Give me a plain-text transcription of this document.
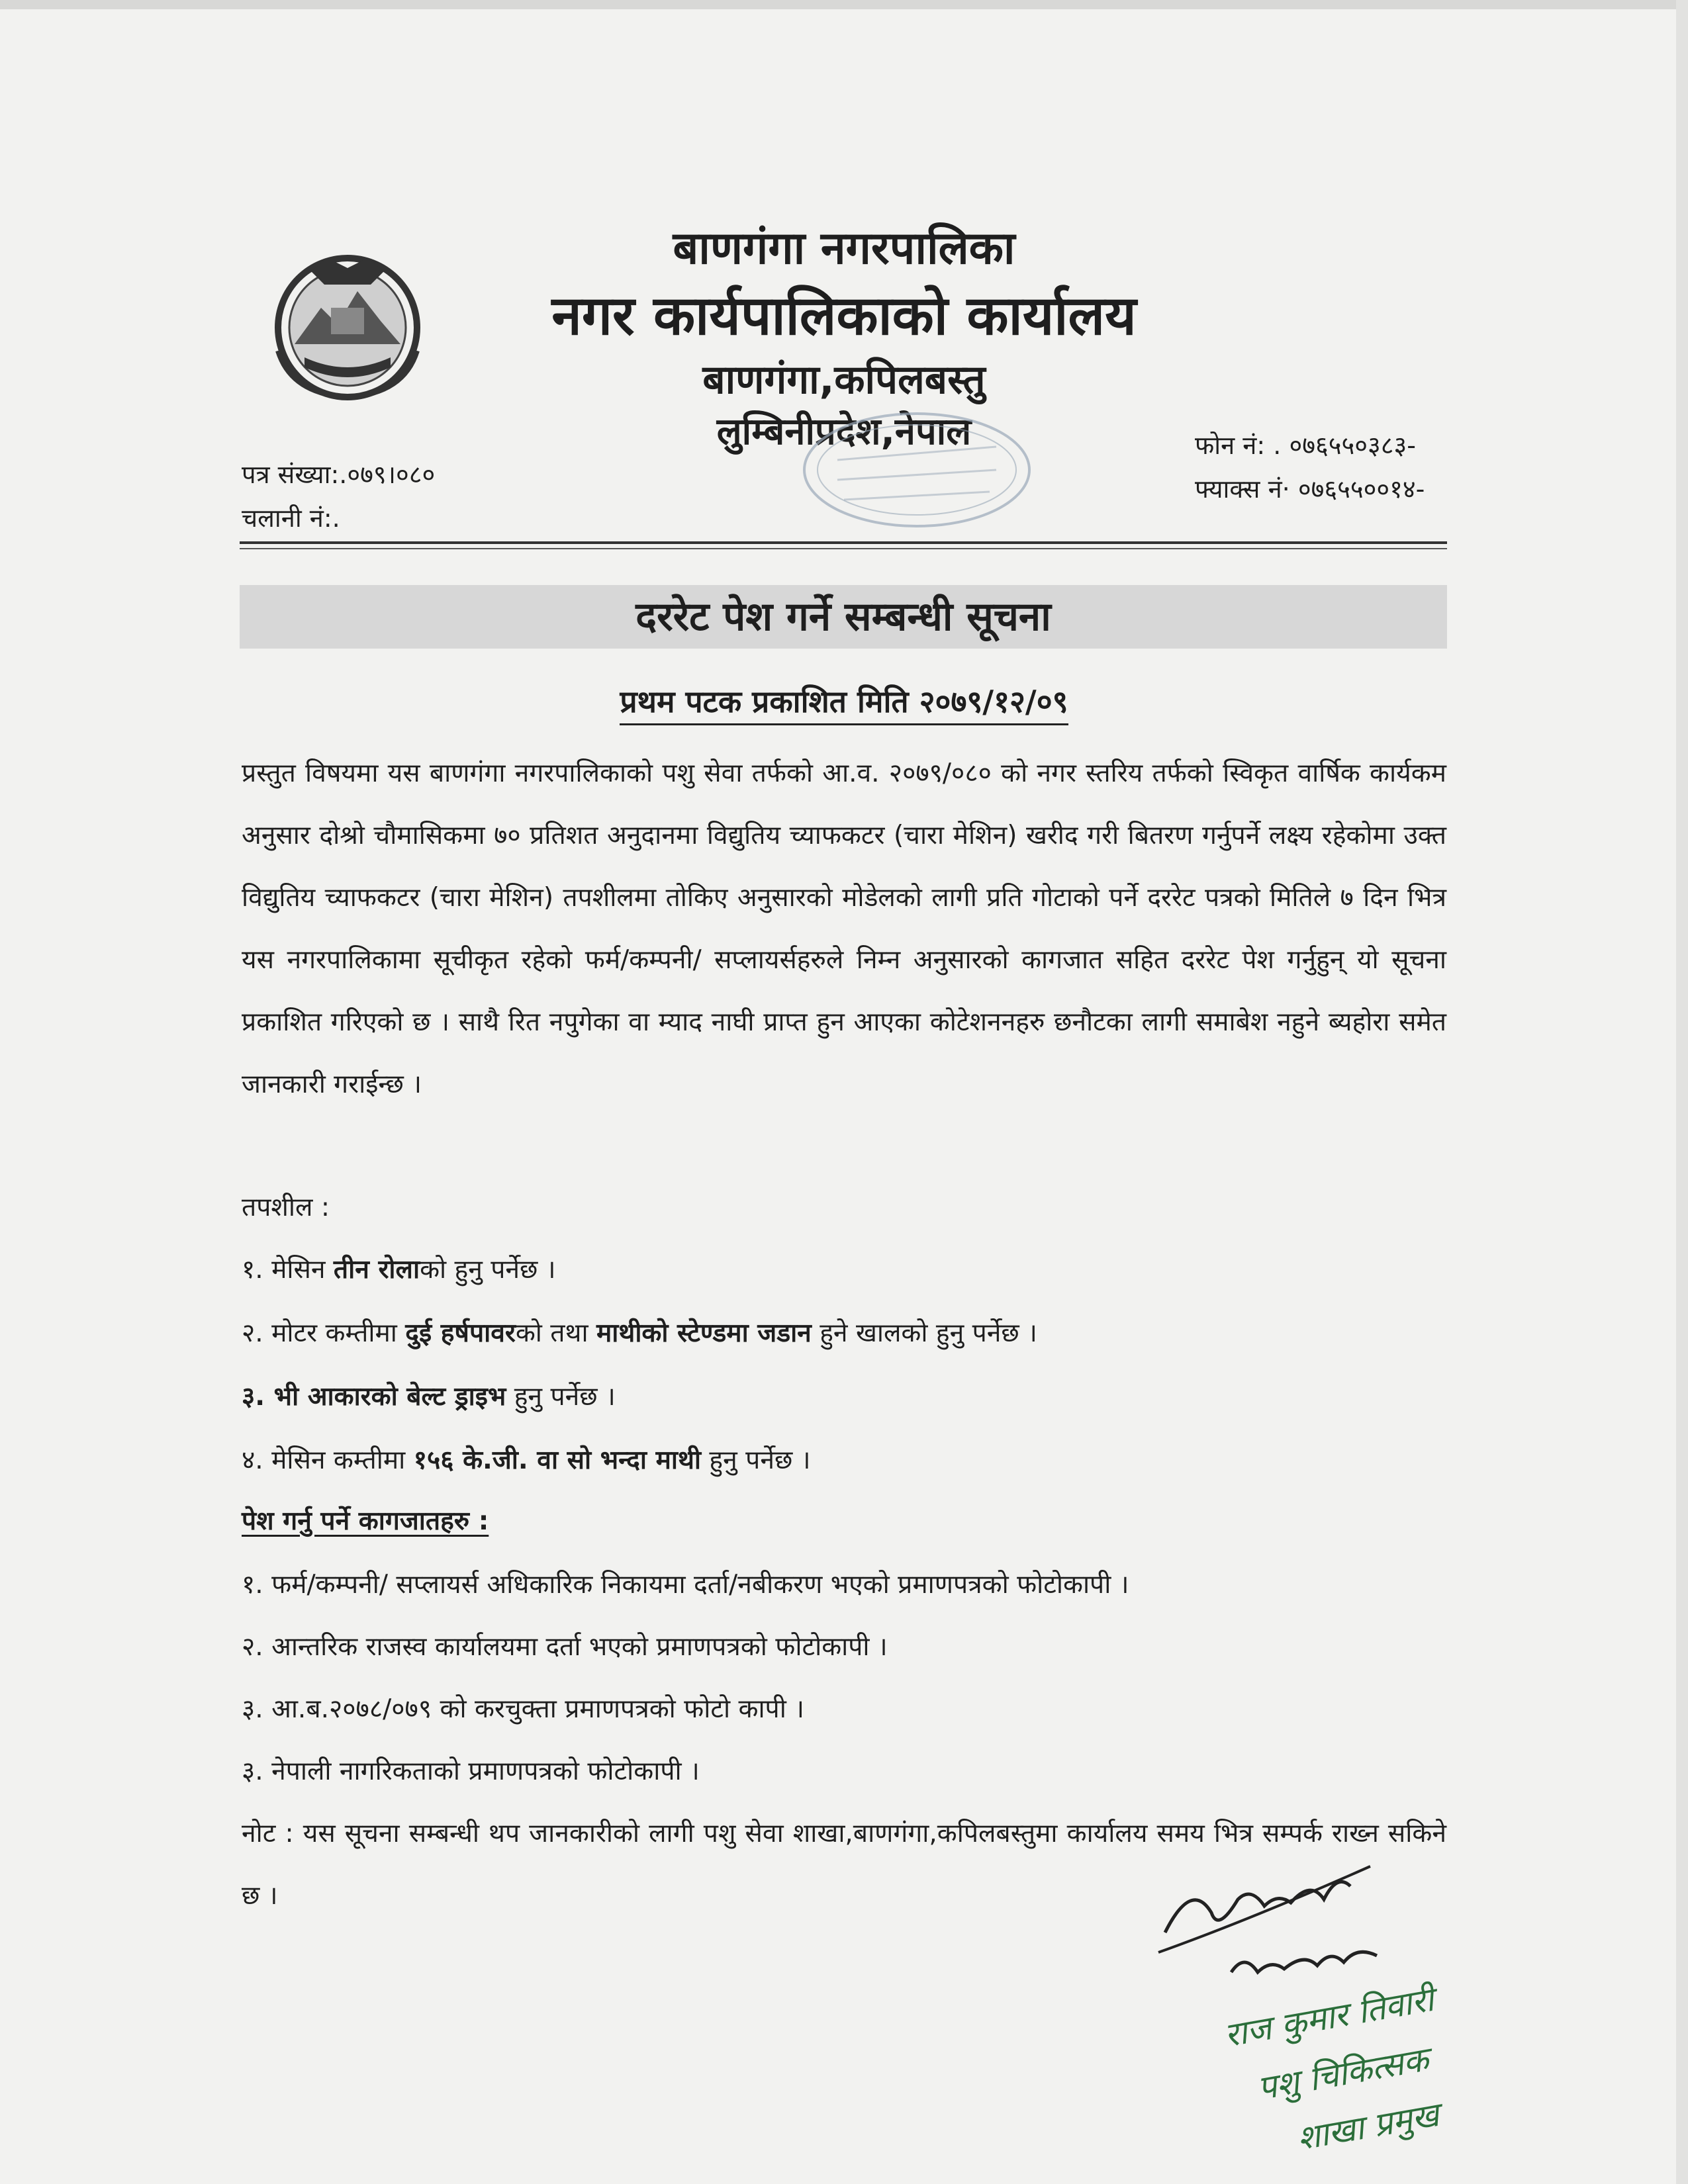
बाणगंगा नगरपालिका
नगर कार्यपालिकाको कार्यालय
बाणगंगा,कपिलबस्तु
लुम्बिनीप्रदेश,नेपाल
पत्र संख्या:.०७९।०८०
चलानी नं:.
फोन नं: . ०७६५५०३८३-
फ्याक्स नं· ०७६५५००१४-
दररेट पेश गर्ने सम्बन्धी सूचना
प्रथम पटक प्रकाशित मिति २०७९/१२/०९
प्रस्तुत विषयमा यस बाणगंगा नगरपालिकाको पशु सेवा तर्फको आ.व. २०७९/०८० को नगर स्तरिय तर्फको स्विकृत वार्षिक कार्यकम अनुसार दोश्रो चौमासिकमा ७० प्रतिशत अनुदानमा विद्युतिय च्याफकटर (चारा मेशिन) खरीद गरी बितरण गर्नुपर्ने लक्ष्य रहेकोमा उक्त विद्युतिय च्याफकटर (चारा मेशिन) तपशीलमा तोकिए अनुसारको मोडेलको लागी प्रति गोटाको पर्ने दररेट पत्रको मितिले ७ दिन भित्र यस नगरपालिकामा सूचीकृत रहेको फर्म/कम्पनी/ सप्लायर्सहरुले निम्न अनुसारको कागजात सहित दररेट पेश गर्नुहुन् यो सूचना प्रकाशित गरिएको छ । साथै रित नपुगेका वा म्याद नाघी प्राप्त हुन आएका कोटेशननहरु छनौटका लागी समाबेश नहुने ब्यहोरा समेत जानकारी गराईन्छ ।
तपशील :
१. मेसिन तीन रोलाको हुनु पर्नेछ ।
२. मोटर कम्तीमा दुई हर्षपावरको तथा माथीको स्टेण्डमा जडान हुने खालको हुनु पर्नेछ ।
३. भी आकारको बेल्ट ड्राइभ हुनु पर्नेछ ।
४. मेसिन कम्तीमा १५६ के.जी. वा सो भन्दा माथी हुनु पर्नेछ ।
पेश गर्नु पर्ने कागजातहरु :
१. फर्म/कम्पनी/ सप्लायर्स अधिकारिक निकायमा दर्ता/नबीकरण भएको प्रमाणपत्रको फोटोकापी ।
२. आन्तरिक राजस्व कार्यालयमा दर्ता भएको प्रमाणपत्रको फोटोकापी ।
३. आ.ब.२०७८/०७९ को करचुक्ता प्रमाणपत्रको फोटो कापी ।
३. नेपाली नागरिकताको प्रमाणपत्रको फोटोकापी ।
नोट : यस सूचना सम्बन्धी थप जानकारीको लागी पशु सेवा शाखा,बाणगंगा,कपिलबस्तुमा कार्यालय समय भित्र सम्पर्क राख्न सकिने छ ।
राज कुमार तिवारी
पशु चिकित्सक
शाखा प्रमुख
